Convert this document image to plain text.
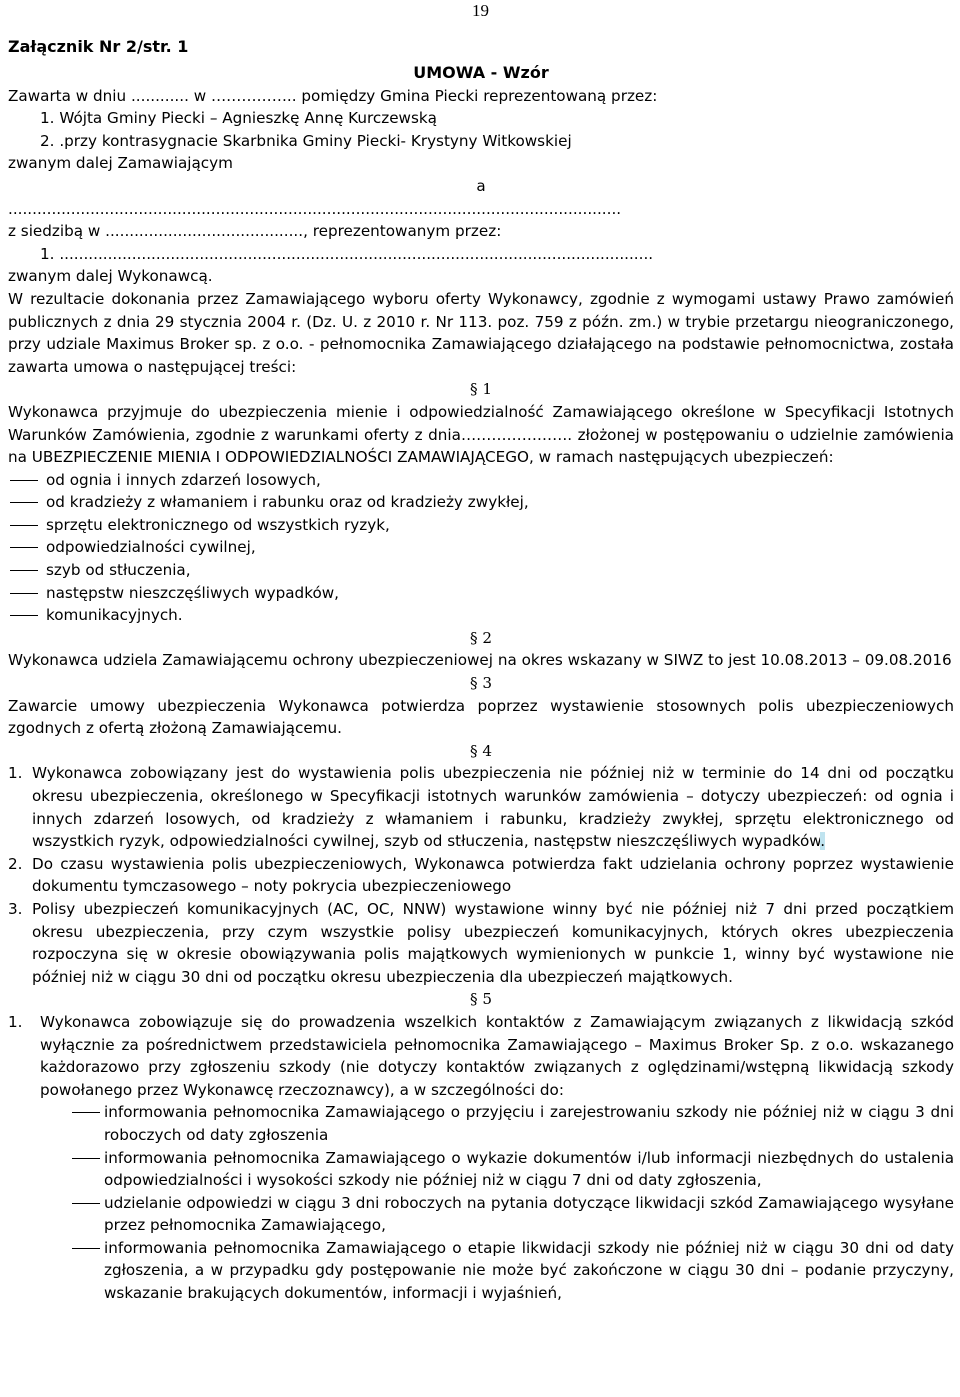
19
Załącznik Nr 2/str. 1

UMOWA - Wzór

Zawarta w dniu ............ w …………….. pomiędzy Gmina Piecki reprezentowaną przez:

1. Wójta Gminy Piecki – Agnieszkę Annę Kurczewską

2. .przy kontrasygnacie Skarbnika Gminy Piecki- Krystyny Witkowskiej

zwanym dalej Zamawiającym

a

...............................................................................................................................

z siedzibą w ........................................., reprezentowanym przez:

1. ...........................................................................................................................

zwanym dalej Wykonawcą.

W rezultacie dokonania przez Zamawiającego wyboru oferty Wykonawcy, zgodnie z wymogami ustawy Prawo zamówień publicznych z dnia 29 stycznia 2004 r. (Dz. U. z 2010 r. Nr 113. poz. 759 z późn. zm.) w trybie przetargu nieograniczonego, przy udziale Maximus Broker sp. z o.o. - pełnomocnika Zamawiającego działającego na podstawie pełnomocnictwa, została zawarta umowa o następującej treści:

§ 1

Wykonawca przyjmuje do ubezpieczenia mienie i odpowiedzialność Zamawiającego określone w Specyfikacji Istotnych Warunków Zamówienia, zgodnie z warunkami oferty z dnia…………………. złożonej w postępowaniu o udzielnie zamówienia na UBEZPIECZENIE MIENIA I ODPOWIEDZIALNOŚCI ZAMAWIAJĄCEGO, w ramach następujących ubezpieczeń:

od ognia i innych zdarzeń losowych,
od kradzieży z włamaniem i rabunku oraz od kradzieży zwykłej,
sprzętu elektronicznego od wszystkich ryzyk,
odpowiedzialności cywilnej,
szyb od stłuczenia,
następstw nieszczęśliwych wypadków,
komunikacyjnych.

§ 2

Wykonawca udziela Zamawiającemu ochrony ubezpieczeniowej na okres wskazany w SIWZ to jest 10.08.2013 – 09.08.2016

§ 3

Zawarcie umowy ubezpieczenia Wykonawca potwierdza poprzez wystawienie stosownych polis ubezpieczeniowych zgodnych z ofertą złożoną Zamawiającemu.

§ 4

1. Wykonawca zobowiązany jest do wystawienia polis ubezpieczenia nie później niż w terminie do 14 dni od początku okresu ubezpieczenia, określonego w Specyfikacji istotnych warunków zamówienia – dotyczy ubezpieczeń: od ognia i innych zdarzeń losowych, od kradzieży z włamaniem i rabunku, kradzieży zwykłej, sprzętu elektronicznego od wszystkich ryzyk, odpowiedzialności cywilnej, szyb od stłuczenia, następstw nieszczęśliwych wypadków.
2. Do czasu wystawienia polis ubezpieczeniowych, Wykonawca potwierdza fakt udzielania ochrony poprzez wystawienie dokumentu tymczasowego – noty pokrycia ubezpieczeniowego
3. Polisy ubezpieczeń komunikacyjnych (AC, OC, NNW) wystawione winny być nie później niż 7 dni przed początkiem okresu ubezpieczenia, przy czym wszystkie polisy ubezpieczeń komunikacyjnych, których okres ubezpieczenia rozpoczyna się w okresie obowiązywania polis majątkowych wymienionych w punkcie 1, winny być wystawione nie później niż w ciągu 30 dni od początku okresu ubezpieczenia dla ubezpieczeń majątkowych.

§ 5

1. Wykonawca zobowiązuje się do prowadzenia wszelkich kontaktów z Zamawiającym związanych z likwidacją szkód wyłącznie za pośrednictwem przedstawiciela pełnomocnika Zamawiającego – Maximus Broker Sp. z o.o. wskazanego każdorazowo przy zgłoszeniu szkody (nie dotyczy kontaktów związanych z oględzinami/wstępną likwidacją szkody powołanego przez Wykonawcę rzeczoznawcy), a w szczególności do:
informowania pełnomocnika Zamawiającego o przyjęciu i zarejestrowaniu szkody nie później niż w ciągu 3 dni roboczych od daty zgłoszenia
informowania pełnomocnika Zamawiającego o wykazie dokumentów i/lub informacji niezbędnych do ustalenia odpowiedzialności i wysokości szkody nie później niż w ciągu 7 dni od daty zgłoszenia,
udzielanie odpowiedzi w ciągu 3 dni roboczych na pytania dotyczące likwidacji szkód Zamawiającego wysyłane przez pełnomocnika Zamawiającego,
informowania pełnomocnika Zamawiającego o etapie likwidacji szkody nie później niż w ciągu 30 dni od daty zgłoszenia, a w przypadku gdy postępowanie nie może być zakończone w ciągu 30 dni – podanie przyczyny, wskazanie brakujących dokumentów, informacji i wyjaśnień,
